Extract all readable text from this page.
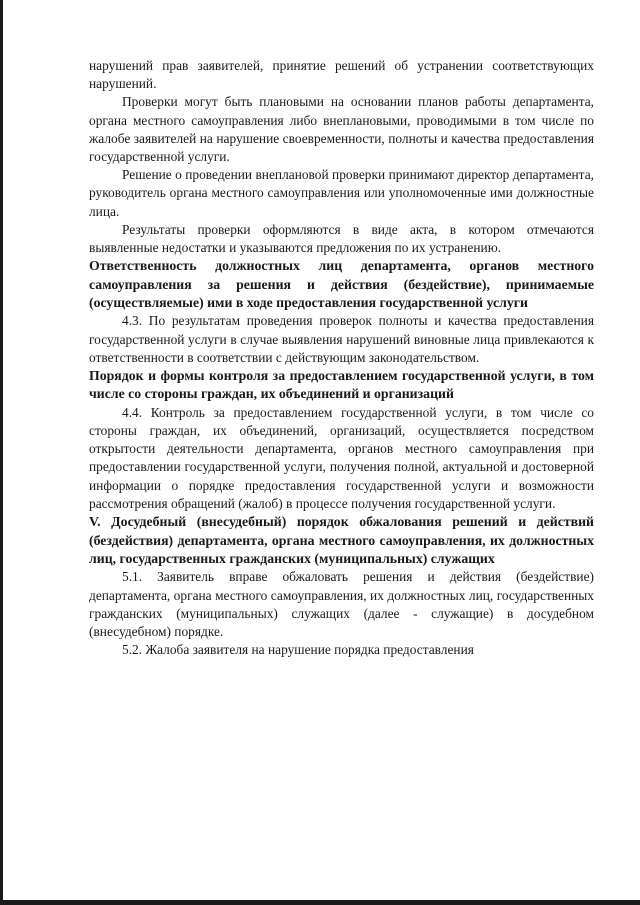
нарушений прав заявителей, принятие решений об устранении соответствующих нарушений.

Проверки могут быть плановыми на основании планов работы департамента, органа местного самоуправления либо внеплановыми, проводимыми в том числе по жалобе заявителей на нарушение своевременности, полноты и качества предоставления государственной услуги.

Решение о проведении внеплановой проверки принимают директор департамента, руководитель органа местного самоуправления или уполномоченные ими должностные лица.

Результаты проверки оформляются в виде акта, в котором отмечаются выявленные недостатки и указываются предложения по их устранению.

Ответственность должностных лиц департамента, органов местного самоуправления за решения и действия (бездействие), принимаемые (осуществляемые) ими в ходе предоставления государственной услуги

4.3. По результатам проведения проверок полноты и качества предоставления государственной услуги в случае выявления нарушений виновные лица привлекаются к ответственности в соответствии с действующим законодательством.

Порядок и формы контроля за предоставлением государственной услуги, в том числе со стороны граждан, их объединений и организаций

4.4. Контроль за предоставлением государственной услуги, в том числе со стороны граждан, их объединений, организаций, осуществляется посредством открытости деятельности департамента, органов местного самоуправления при предоставлении государственной услуги, получения полной, актуальной и достоверной информации о порядке предоставления государственной услуги и возможности рассмотрения обращений (жалоб) в процессе получения государственной услуги.

V. Досудебный (внесудебный) порядок обжалования решений и действий (бездействия) департамента, органа местного самоуправления, их должностных лиц, государственных гражданских (муниципальных) служащих

5.1. Заявитель вправе обжаловать решения и действия (бездействие) департамента, органа местного самоуправления, их должностных лиц, государственных гражданских (муниципальных) служащих (далее - служащие) в досудебном (внесудебном) порядке.

5.2. Жалоба заявителя на нарушение порядка предоставления
